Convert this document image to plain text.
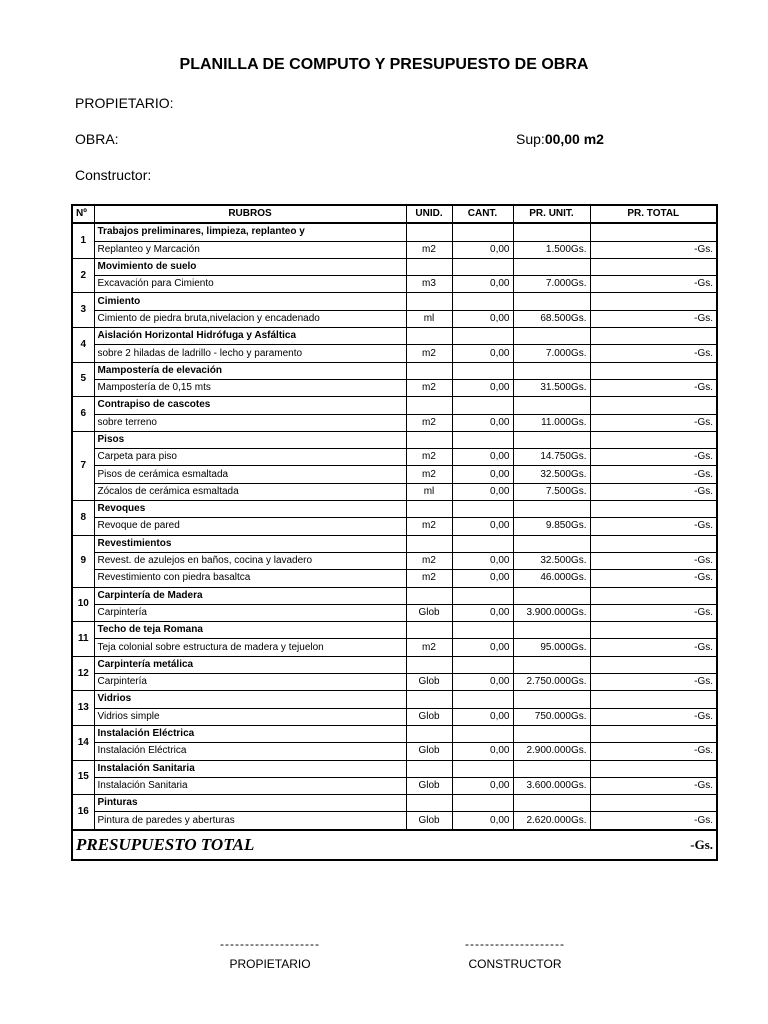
PLANILLA DE COMPUTO Y PRESUPUESTO DE OBRA
PROPIETARIO:
OBRA:	Sup:00,00 m2
Constructor:
Nº	RUBROS	UNID.	CANT.	PR. UNIT.	PR. TOTAL
1	Trabajos preliminares, limpieza, replanteo y				
	Replanteo y Marcación	m2	0,00	1.500Gs.	-Gs.
2	Movimiento de suelo				
	Excavación para Cimiento	m3	0,00	7.000Gs.	-Gs.
3	Cimiento				
	Cimiento de piedra bruta,nivelacion y encadenado	ml	0,00	68.500Gs.	-Gs.
4	Aislación Horizontal Hidrófuga y Asfáltica				
	sobre 2 hiladas de ladrillo - lecho y paramento	m2	0,00	7.000Gs.	-Gs.
5	Mampostería de elevación				
	Mampostería de 0,15 mts	m2	0,00	31.500Gs.	-Gs.
6	Contrapiso de cascotes				
	sobre terreno	m2	0,00	11.000Gs.	-Gs.
7	Pisos				
	Carpeta para piso	m2	0,00	14.750Gs.	-Gs.
	Pisos de cerámica esmaltada	m2	0,00	32.500Gs.	-Gs.
	Zócalos de cerámica esmaltada	ml	0,00	7.500Gs.	-Gs.
8	Revoques				
	Revoque de pared	m2	0,00	9.850Gs.	-Gs.
9	Revestimientos				
	Revest. de azulejos en baños, cocina y lavadero	m2	0,00	32.500Gs.	-Gs.
	Revestimiento con piedra basaltca	m2	0,00	46.000Gs.	-Gs.
10	Carpintería de Madera				
	Carpintería	Glob	0,00	3.900.000Gs.	-Gs.
11	Techo de teja Romana				
	Teja colonial sobre estructura de madera y tejuelon	m2	0,00	95.000Gs.	-Gs.
12	Carpintería metálica				
	Carpintería	Glob	0,00	2.750.000Gs.	-Gs.
13	Vidrios				
	Vidrios simple	Glob	0,00	750.000Gs.	-Gs.
14	Instalación Eléctrica				
	Instalación Eléctrica	Glob	0,00	2.900.000Gs.	-Gs.
15	Instalación Sanitaria				
	Instalación Sanitaria	Glob	0,00	3.600.000Gs.	-Gs.
16	Pinturas				
	Pintura de paredes y aberturas	Glob	0,00	2.620.000Gs.	-Gs.
PRESUPUESTO TOTAL			-Gs.		
--------------------
PROPIETARIO
--------------------
CONSTRUCTOR
